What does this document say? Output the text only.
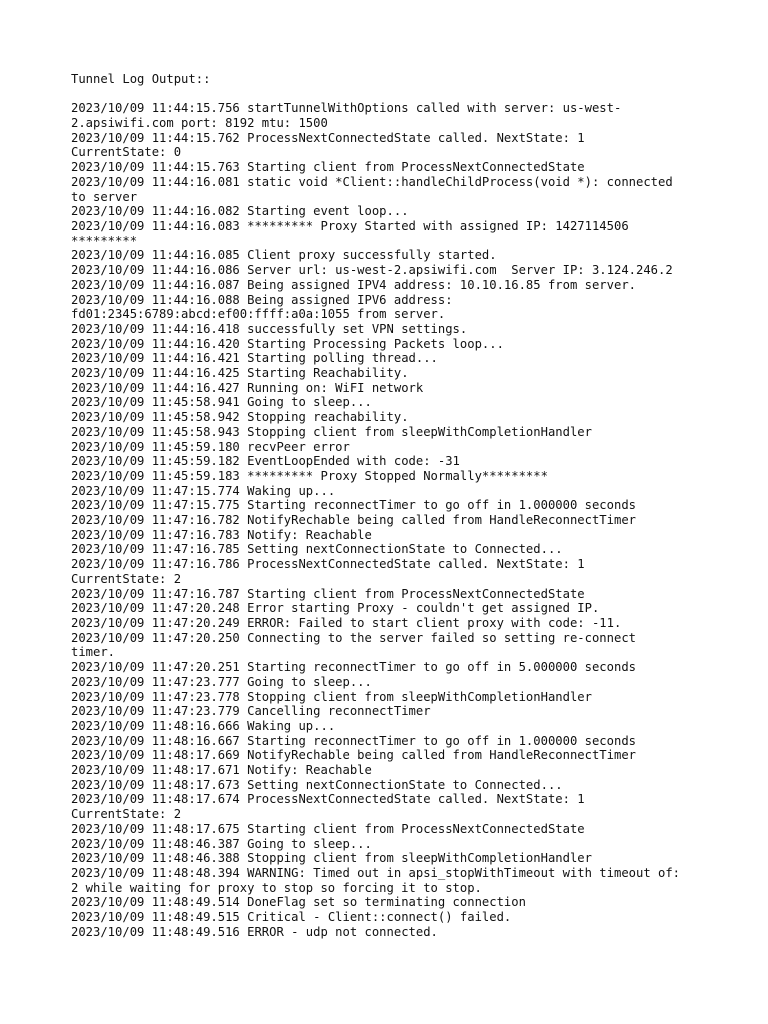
Tunnel Log Output::
2023/10/09 11:44:15.756 startTunnelWithOptions called with server: us-west-
2.apsiwifi.com port: 8192 mtu: 1500
2023/10/09 11:44:15.762 ProcessNextConnectedState called. NextState: 1
CurrentState: 0
2023/10/09 11:44:15.763 Starting client from ProcessNextConnectedState
2023/10/09 11:44:16.081 static void *Client::handleChildProcess(void *): connected
to server
2023/10/09 11:44:16.082 Starting event loop...
2023/10/09 11:44:16.083 ********* Proxy Started with assigned IP: 1427114506
*********
2023/10/09 11:44:16.085 Client proxy successfully started.
2023/10/09 11:44:16.086 Server url: us-west-2.apsiwifi.com  Server IP: 3.124.246.2
2023/10/09 11:44:16.087 Being assigned IPV4 address: 10.10.16.85 from server.
2023/10/09 11:44:16.088 Being assigned IPV6 address:
fd01:2345:6789:abcd:ef00:ffff:a0a:1055 from server.
2023/10/09 11:44:16.418 successfully set VPN settings.
2023/10/09 11:44:16.420 Starting Processing Packets loop...
2023/10/09 11:44:16.421 Starting polling thread...
2023/10/09 11:44:16.425 Starting Reachability.
2023/10/09 11:44:16.427 Running on: WiFI network
2023/10/09 11:45:58.941 Going to sleep...
2023/10/09 11:45:58.942 Stopping reachability.
2023/10/09 11:45:58.943 Stopping client from sleepWithCompletionHandler
2023/10/09 11:45:59.180 recvPeer error
2023/10/09 11:45:59.182 EventLoopEnded with code: -31
2023/10/09 11:45:59.183 ********* Proxy Stopped Normally*********
2023/10/09 11:47:15.774 Waking up...
2023/10/09 11:47:15.775 Starting reconnectTimer to go off in 1.000000 seconds
2023/10/09 11:47:16.782 NotifyRechable being called from HandleReconnectTimer
2023/10/09 11:47:16.783 Notify: Reachable
2023/10/09 11:47:16.785 Setting nextConnectionState to Connected...
2023/10/09 11:47:16.786 ProcessNextConnectedState called. NextState: 1
CurrentState: 2
2023/10/09 11:47:16.787 Starting client from ProcessNextConnectedState
2023/10/09 11:47:20.248 Error starting Proxy - couldn't get assigned IP.
2023/10/09 11:47:20.249 ERROR: Failed to start client proxy with code: -11.
2023/10/09 11:47:20.250 Connecting to the server failed so setting re-connect
timer.
2023/10/09 11:47:20.251 Starting reconnectTimer to go off in 5.000000 seconds
2023/10/09 11:47:23.777 Going to sleep...
2023/10/09 11:47:23.778 Stopping client from sleepWithCompletionHandler
2023/10/09 11:47:23.779 Cancelling reconnectTimer
2023/10/09 11:48:16.666 Waking up...
2023/10/09 11:48:16.667 Starting reconnectTimer to go off in 1.000000 seconds
2023/10/09 11:48:17.669 NotifyRechable being called from HandleReconnectTimer
2023/10/09 11:48:17.671 Notify: Reachable
2023/10/09 11:48:17.673 Setting nextConnectionState to Connected...
2023/10/09 11:48:17.674 ProcessNextConnectedState called. NextState: 1
CurrentState: 2
2023/10/09 11:48:17.675 Starting client from ProcessNextConnectedState
2023/10/09 11:48:46.387 Going to sleep...
2023/10/09 11:48:46.388 Stopping client from sleepWithCompletionHandler
2023/10/09 11:48:48.394 WARNING: Timed out in apsi_stopWithTimeout with timeout of:
2 while waiting for proxy to stop so forcing it to stop.
2023/10/09 11:48:49.514 DoneFlag set so terminating connection
2023/10/09 11:48:49.515 Critical - Client::connect() failed.
2023/10/09 11:48:49.516 ERROR - udp not connected.
